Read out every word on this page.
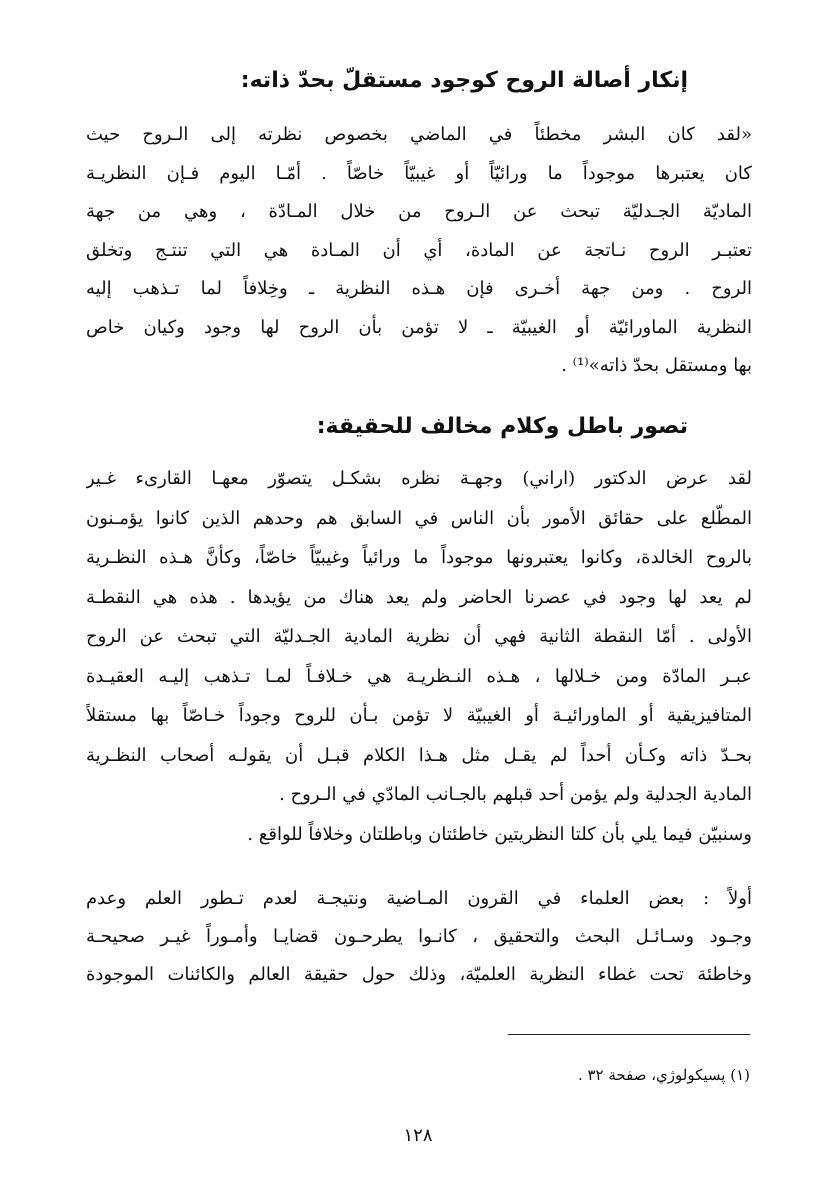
إنكار أصالة الروح كوجود مستقلّ بحدّ ذاته:
«لقد كان البشر مخطئاً في الماضي بخصوص نظرته إلى الـروح حيث
كان يعتبرها موجوداً ما ورائيّاً أو غيبيّاً خاصّاً . أمّـا اليوم فـإن النظريـة
الماديّة الجـدليّة تبحث عن الـروح من خلال المـادّة ، وهي من جهة
تعتبـر الروح نـاتجة عن المادة، أي أن المـادة هي التي تنتـج وتخلق
الروح . ومن جهة أخـرى فإن هـذه النظرية ـ وخِلافاً لما تـذهب إليه
النظرية الماورائيّة أو الغيبيّة ـ لا تؤمن بأن الروح لها وجود وكيان خاص
بها ومستقل بحدّ ذاته»⁽¹⁾ .
تصور باطل وكلام مخالف للحقيقة:
لقد عرض الدكتور (اراني) وجهـة نظره بشكـل يتصوّر معهـا القارىء غـير
المطّلع على حقائق الأمور بأن الناس في السابق هم وحدهم الذين كانوا يؤمـنون
بالروح الخالدة، وكانوا يعتبرونها موجوداً ما ورائياً وغيبيّاً خاصّاً، وكأنَّ هـذه النظـرية
لم يعد لها وجود في عصرنا الحاضر ولم يعد هناك من يؤيدها . هذه هي النقطـة
الأولى . أمّا النقطة الثانية فهي أن نظرية المادية الجـدليّة التي تبحث عن الروح
عبـر المادّة ومن خـلالها ، هـذه النـظريـة هي خـلافـاً لمـا تـذهب إليـه العقيـدة
المتافيزيقية أو الماورائيـة أو الغيبيّة لا تؤمن بـأن للروح وجوداً خـاصّاً بها مستقلاً
بحـدّ ذاته وكـأن أحداً لم يقـل مثل هـذا الكلام قبـل أن يقولـه أصحاب النظـرية
المادية الجدلية ولم يؤمن أحد قبلهم بالجـانب المادّي في الـروح .
وسنبيّن فيما يلي بأن كلتا النظريتين خاطئتان وباطلتان وخلافاً للواقع .
أولاً : بعض العلماء في القرون المـاضية ونتيجـة لعدم تـطور العلم وعدم
وجـود وسـائـل البحث والتحقيق ، كانـوا يطرحـون قضايـا وأمـوراً غيـر صحيحـة
وخاطئة تحت غطاء النظرية العلميّة، وذلك حول حقيقة العالم والكائنات الموجودة

(١) پسيكولوژي، صفحة ٣٢ .

١٢٨
